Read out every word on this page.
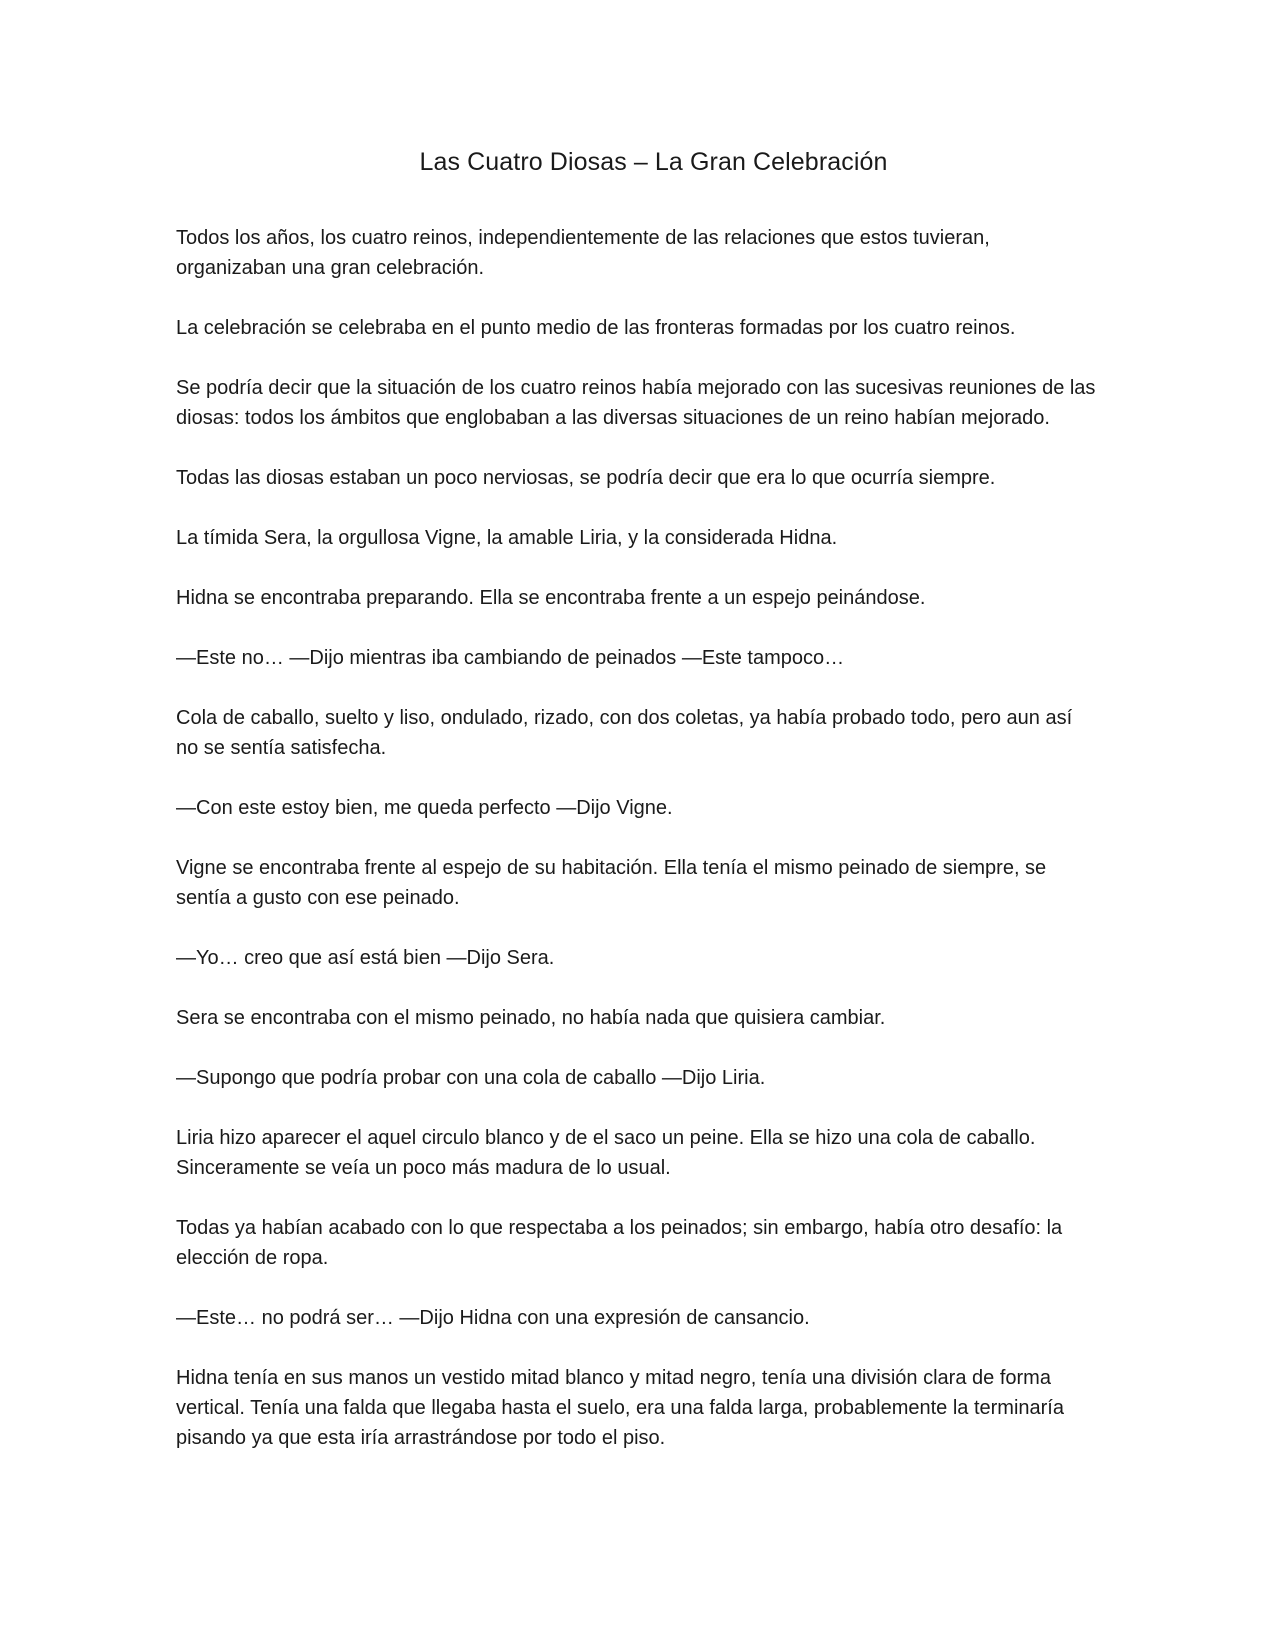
Las Cuatro Diosas – La Gran Celebración

Todos los años, los cuatro reinos, independientemente de las relaciones que estos tuvieran, organizaban una gran celebración.

La celebración se celebraba en el punto medio de las fronteras formadas por los cuatro reinos.

Se podría decir que la situación de los cuatro reinos había mejorado con las sucesivas reuniones de las diosas: todos los ámbitos que englobaban a las diversas situaciones de un reino habían mejorado.

Todas las diosas estaban un poco nerviosas, se podría decir que era lo que ocurría siempre.

La tímida Sera, la orgullosa Vigne, la amable Liria, y la considerada Hidna.

Hidna se encontraba preparando. Ella se encontraba frente a un espejo peinándose.

—Este no… —Dijo mientras iba cambiando de peinados —Este tampoco…

Cola de caballo, suelto y liso, ondulado, rizado, con dos coletas, ya había probado todo, pero aun así no se sentía satisfecha.

—Con este estoy bien, me queda perfecto —Dijo Vigne.

Vigne se encontraba frente al espejo de su habitación. Ella tenía el mismo peinado de siempre, se sentía a gusto con ese peinado.

—Yo… creo que así está bien —Dijo Sera.

Sera se encontraba con el mismo peinado, no había nada que quisiera cambiar.

—Supongo que podría probar con una cola de caballo —Dijo Liria.

Liria hizo aparecer el aquel circulo blanco y de el saco un peine. Ella se hizo una cola de caballo. Sinceramente se veía un poco más madura de lo usual.

Todas ya habían acabado con lo que respectaba a los peinados; sin embargo, había otro desafío: la elección de ropa.

—Este… no podrá ser… —Dijo Hidna con una expresión de cansancio.

Hidna tenía en sus manos un vestido mitad blanco y mitad negro, tenía una división clara de forma vertical. Tenía una falda que llegaba hasta el suelo, era una falda larga, probablemente la terminaría pisando ya que esta iría arrastrándose por todo el piso.
